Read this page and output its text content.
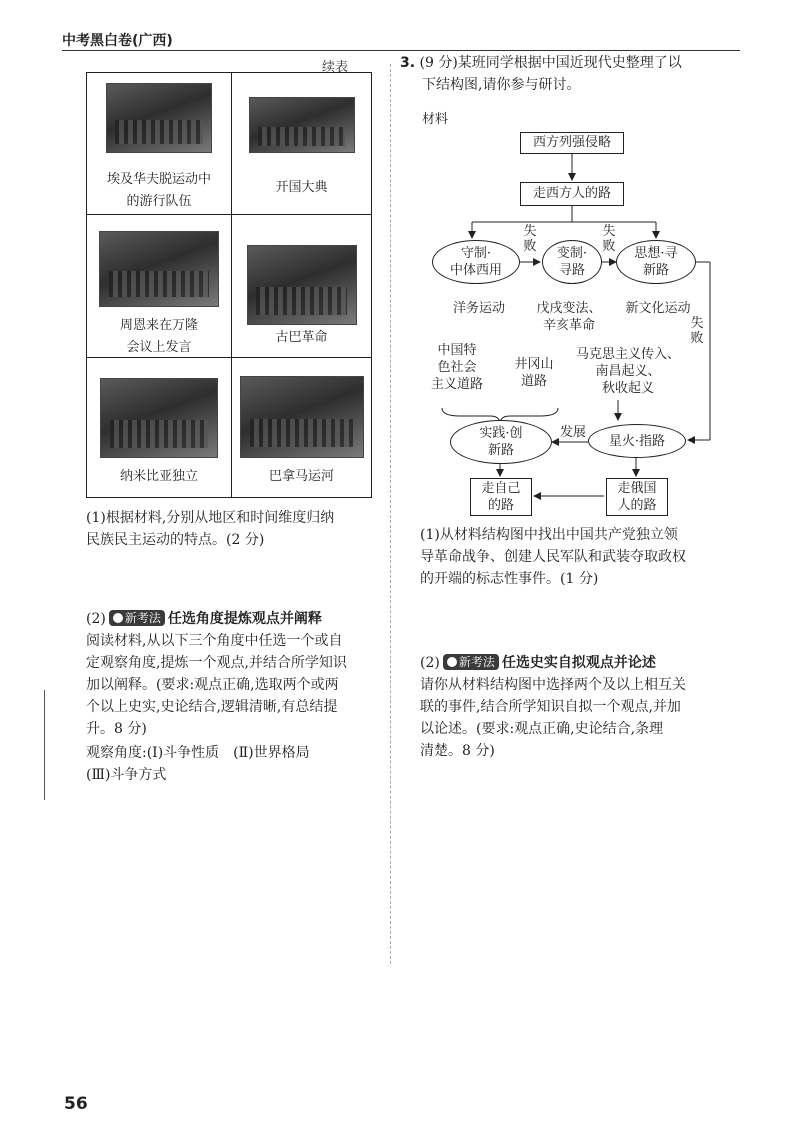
中考黑白卷(广西)
续表
埃及华夫脱运动中
的游行队伍
开国大典
周恩来在万隆
会议上发言
古巴革命
纳米比亚独立	巴拿马运河
(1)根据材料,分别从地区和时间维度归纳
民族民主运动的特点。(2 分)
(2) 新考法 任选角度提炼观点并阐释
阅读材料,从以下三个角度中任选一个或自
定观察角度,提炼一个观点,并结合所学知识
加以阐释。(要求:观点正确,选取两个或两
个以上史实,史论结合,逻辑清晰,有总结提
升。8 分)
观察角度:(Ⅰ)斗争性质　(Ⅱ)世界格局
(Ⅲ)斗争方式
3. (9 分)某班同学根据中国近现代史整理了以
下结构图,请你参与研讨。
材料
西方列强侵略
走西方人的路
守制·
中体西用
变制·
寻路
思想·寻
新路
失败
失败
失败
洋务运动	戊戌变法、
辛亥革命
新文化运动
中国特
色社会
主义道路
井冈山
道路
马克思主义传入、
南昌起义、
秋收起义
实践·创
新路
星火·指路
发展
走自己
的路
走俄国
人的路
(1)从材料结构图中找出中国共产党独立领
导革命战争、创建人民军队和武装夺取政权
的开端的标志性事件。(1 分)
(2) 新考法 任选史实自拟观点并论述
请你从材料结构图中选择两个及以上相互关
联的事件,结合所学知识自拟一个观点,并加
以论述。(要求:观点正确,史论结合,条理
清楚。8 分)
56
